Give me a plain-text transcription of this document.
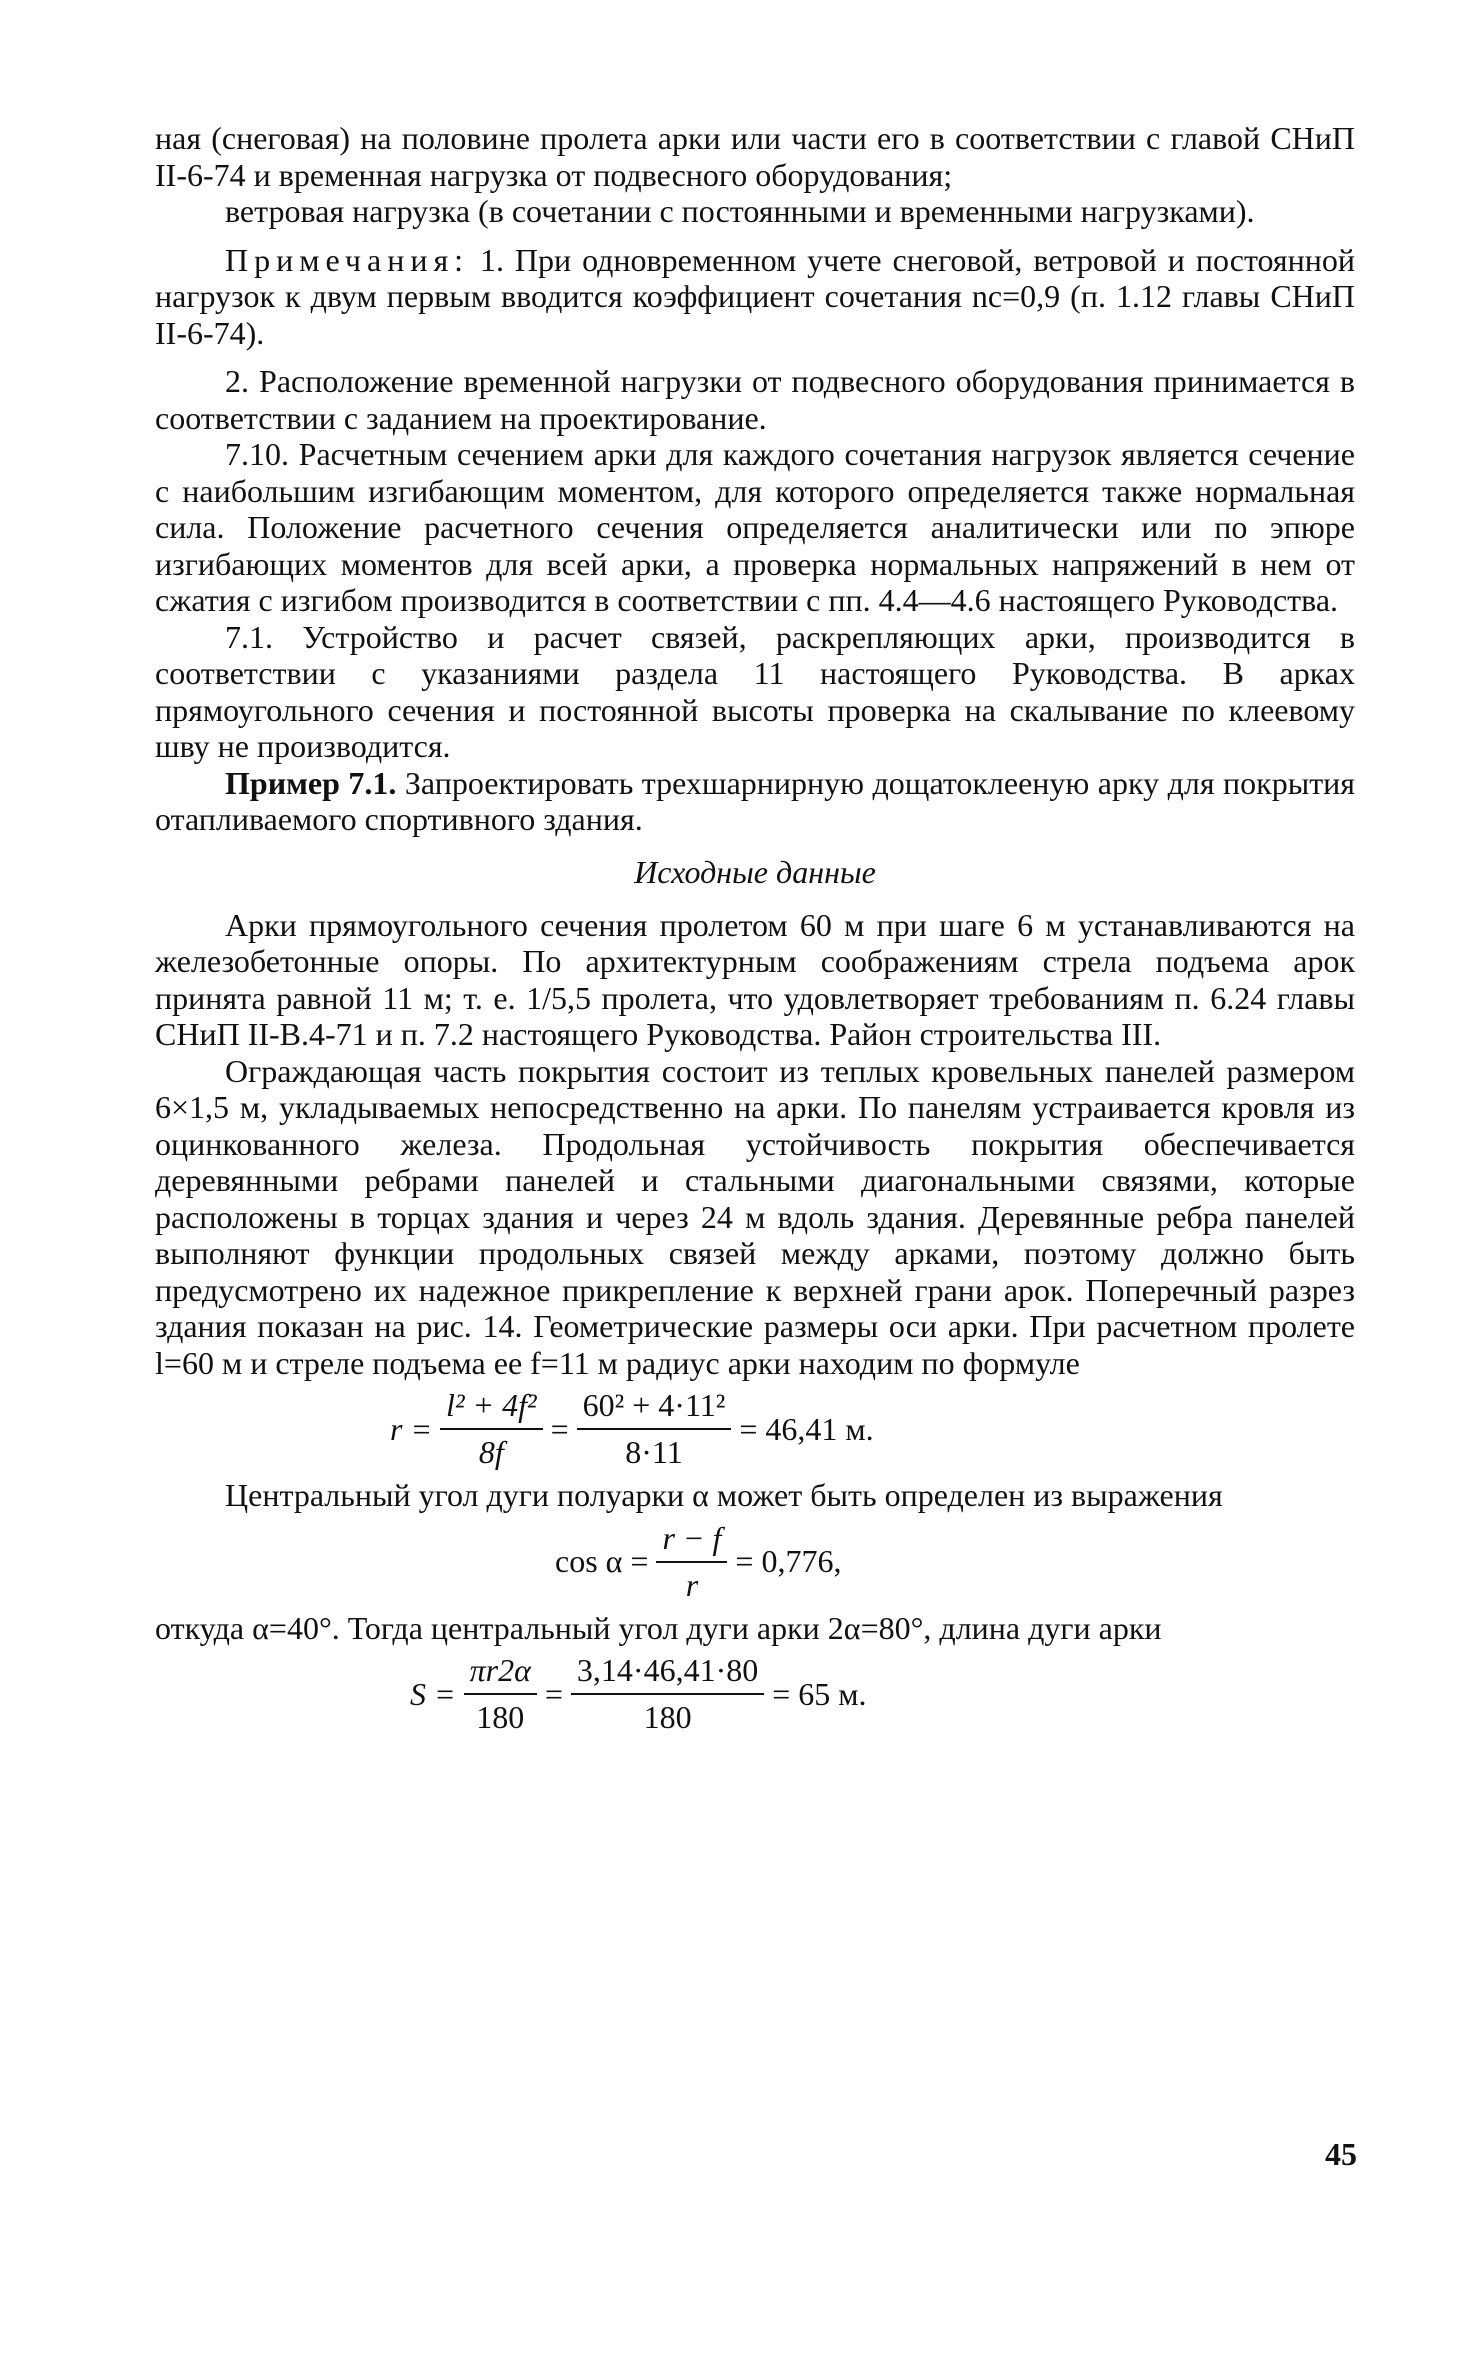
ная (снеговая) на половине пролета арки или части его в соответствии с главой СНиП II-6-74 и временная нагрузка от подвесного оборудования;

ветровая нагрузка (в сочетании с постоянными и временными нагрузками).

Примечания: 1. При одновременном учете снеговой, ветровой и постоянной нагрузок к двум первым вводится коэффициент сочетания nc=0,9 (п. 1.12 главы СНиП II-6-74).

2. Расположение временной нагрузки от подвесного оборудования принимается в соответствии с заданием на проектирование.

7.10. Расчетным сечением арки для каждого сочетания нагрузок является сечение с наибольшим изгибающим моментом, для которого определяется также нормальная сила. Положение расчетного сечения определяется аналитически или по эпюре изгибающих моментов для всей арки, а проверка нормальных напряжений в нем от сжатия с изгибом производится в соответствии с пп. 4.4—4.6 настоящего Руководства.

7.1. Устройство и расчет связей, раскрепляющих арки, производится в соответствии с указаниями раздела 11 настоящего Руководства. В арках прямоугольного сечения и постоянной высоты проверка на скалывание по клеевому шву не производится.

Пример 7.1. Запроектировать трехшарнирную дощатоклееную арку для покрытия отапливаемого спортивного здания.

Исходные данные

Арки прямоугольного сечения пролетом 60 м при шаге 6 м устанавливаются на железобетонные опоры. По архитектурным соображениям стрела подъема арок принята равной 11 м; т. е. 1/5,5 пролета, что удовлетворяет требованиям п. 6.24 главы СНиП II-В.4-71 и п. 7.2 настоящего Руководства. Район строительства III.

Ограждающая часть покрытия состоит из теплых кровельных панелей размером 6×1,5 м, укладываемых непосредственно на арки. По панелям устраивается кровля из оцинкованного железа. Продольная устойчивость покрытия обеспечивается деревянными ребрами панелей и стальными диагональными связями, которые расположены в торцах здания и через 24 м вдоль здания. Деревянные ребра панелей выполняют функции продольных связей между арками, поэтому должно быть предусмотрено их надежное прикрепление к верхней грани арок. Поперечный разрез здания показан на рис. 14. Геометрические размеры оси арки. При расчетном пролете l=60 м и стреле подъема ее f=11 м радиус арки находим по формуле

$r = \frac{\text{l² + 4f²}}{8f} = \frac{\text{60² + 4·11²}}{8\cdot 11} = 46,41$ м.

Центральный угол дуги полуарки α может быть определен из выражения

$\cos \alpha = \frac{r - f}{r} = 0,776$,

откуда α=40°. Тогда центральный угол дуги арки 2α=80°, длина дуги арки

$S = \frac{\pi r2\alpha}{180} = \frac{3,14\cdot 46,41\cdot 80}{180} = 65$ м.
45
